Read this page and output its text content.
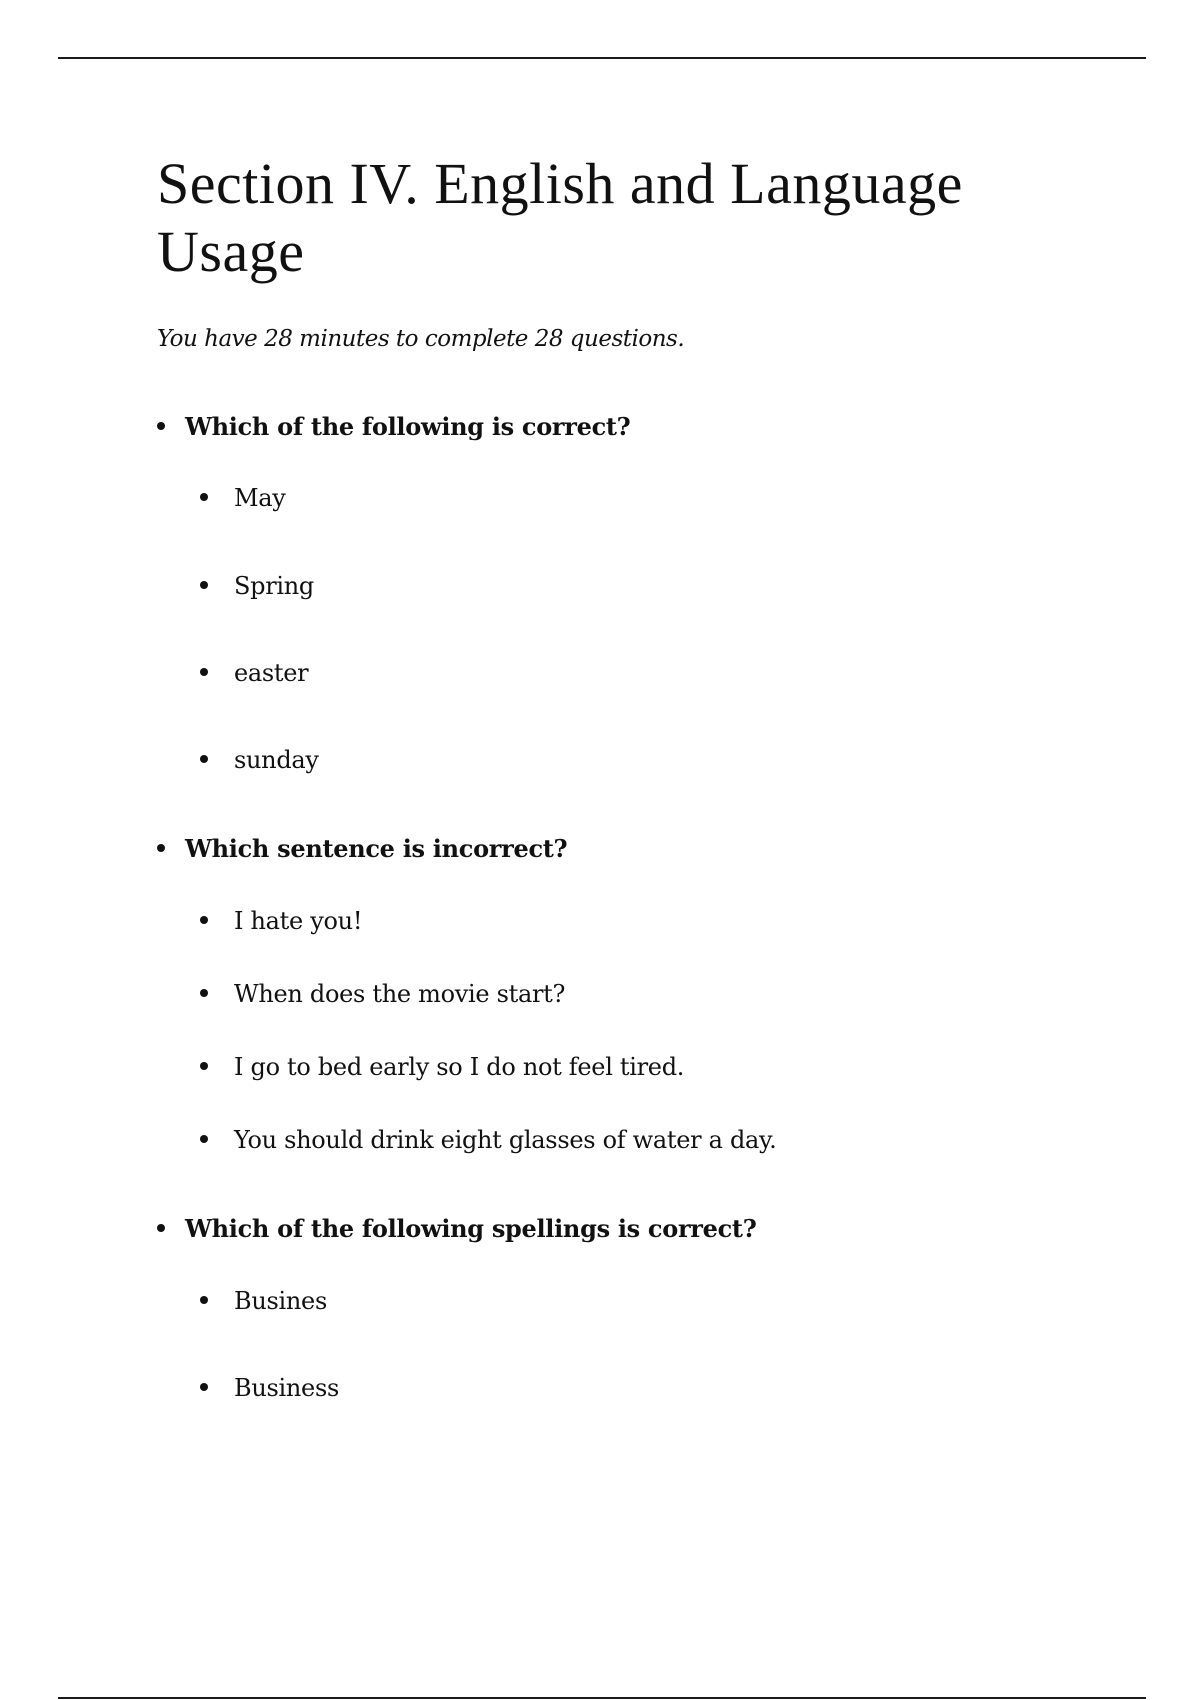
Section IV. English and Language Usage

You have 28 minutes to complete 28 questions.

Which of the following is correct?
May
Spring
easter
sunday
Which sentence is incorrect?
I hate you!
When does the movie start?
I go to bed early so I do not feel tired.
You should drink eight glasses of water a day.
Which of the following spellings is correct?
Busines
Business
